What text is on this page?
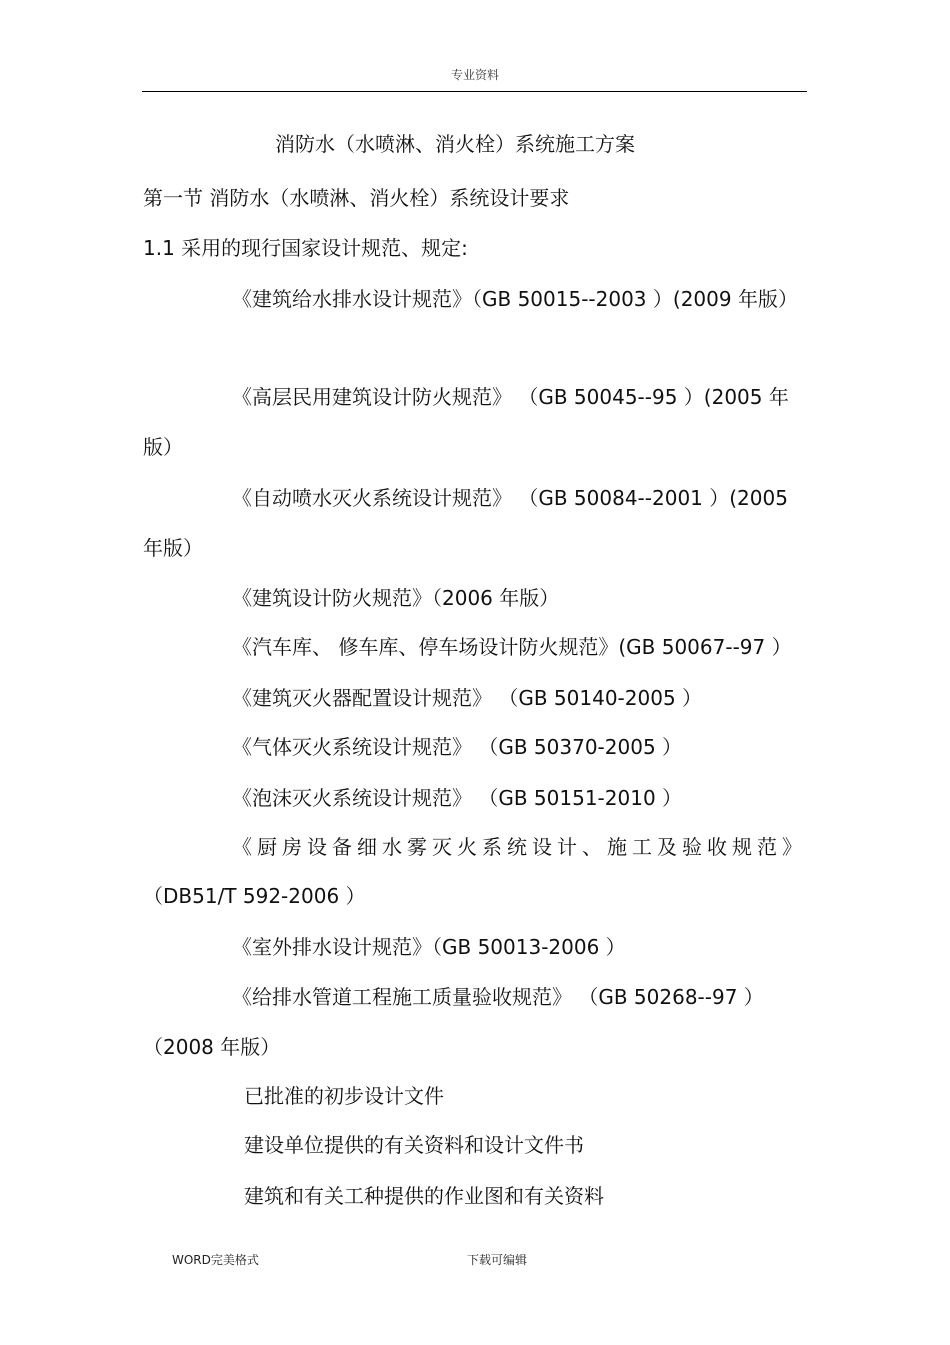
专业资料
消防水（水喷淋、消火栓）系统施工方案
第一节 消防水（水喷淋、消火栓）系统设计要求
1.1 采用的现行国家设计规范、规定:
《建筑给水排水设计规范》（GB 50015--2003 ）(2009 年版）
《高层民用建筑设计防火规范》 （GB 50045--95 ）(2005 年
版）
《自动喷水灭火系统设计规范》 （GB 50084--2001 ）(2005
年版）
《建筑设计防火规范》（2006 年版）
《汽车库、 修车库、停车场设计防火规范》(GB 50067--97 ）
《建筑灭火器配置设计规范》 （GB 50140-2005 ）
《气体灭火系统设计规范》 （GB 50370-2005 ）
《泡沫灭火系统设计规范》 （GB 50151-2010 ）
《厨房设备细水雾灭火系统设计、施工及验收规范》
（DB51/T 592-2006 ）
《室外排水设计规范》（GB 50013-2006 ）
《给排水管道工程施工质量验收规范》 （GB 50268--97 ）
（2008 年版）
已批准的初步设计文件
建设单位提供的有关资料和设计文件书
建筑和有关工种提供的作业图和有关资料
WORD完美格式	下载可编辑
